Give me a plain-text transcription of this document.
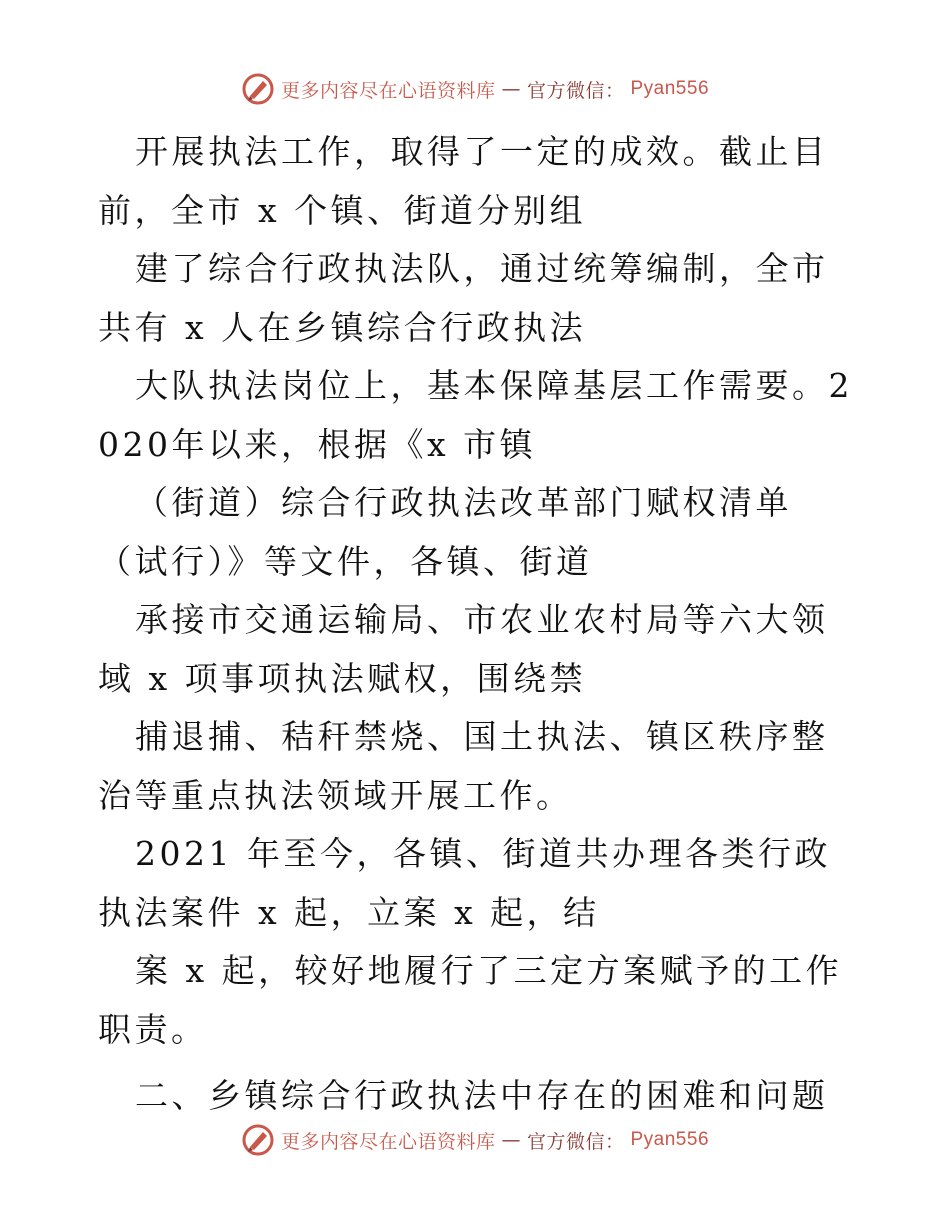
更多内容尽在心语资料库 — 官方微信： Pyan556

开展执法工作，取得了一定的成效。截止目前，全市 x 个镇、街道分别组

建了综合行政执法队，通过统筹编制，全市共有 x 人在乡镇综合行政执法

大队执法岗位上，基本保障基层工作需要。2020年以来，根据《x 市镇

（街道）综合行政执法改革部门赋权清单（试行）》等文件，各镇、街道

承接市交通运输局、市农业农村局等六大领域 x 项事项执法赋权，围绕禁

捕退捕、秸秆禁烧、国土执法、镇区秩序整治等重点执法领域开展工作。

2021 年至今，各镇、街道共办理各类行政执法案件 x 起，立案 x 起，结

案 x 起，较好地履行了三定方案赋予的工作职责。

二、乡镇综合行政执法中存在的困难和问题

更多内容尽在心语资料库 — 官方微信： Pyan556
